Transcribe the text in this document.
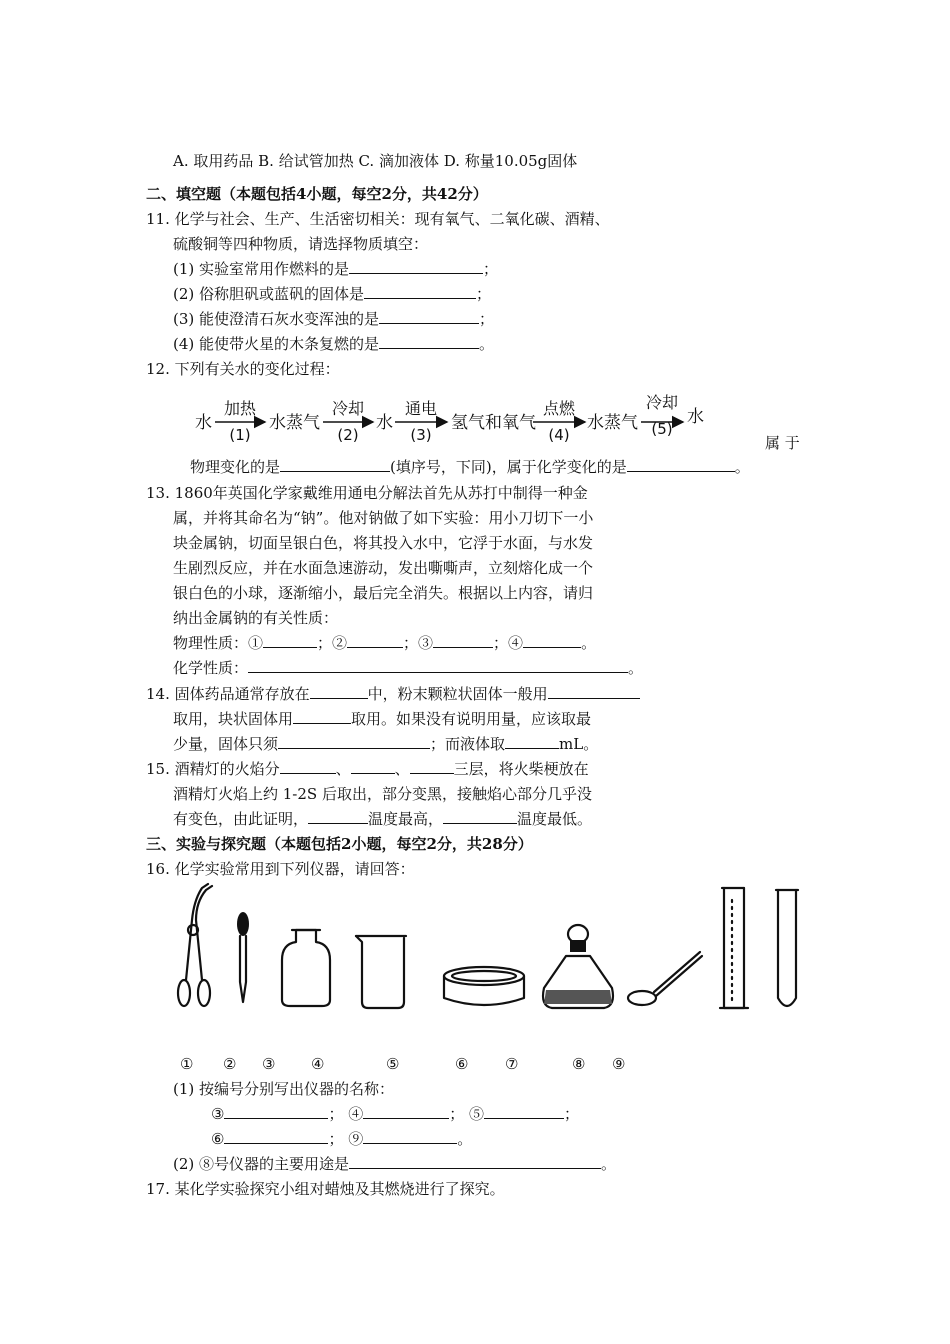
A. 取用药品 B. 给试管加热 C. 滴加液体 D. 称量10.05g固体
二、填空题（本题包括4小题，每空2分，共42分）
11. 化学与社会、生产、生活密切相关：现有氧气、二氧化碳、酒精、
硫酸铜等四种物质，请选择物质填空：
(1) 实验室常用作燃料的是	；
(2) 俗称胆矾或蓝矾的固体是	；
(3) 能使澄清石灰水变浑浊的是	；
(4) 能使带火星的木条复燃的是	。
12. 下列有关水的变化过程：
水
加热
(1)
水蒸气
冷却
(2)
水
通电
(3)
氢气和氧气
点燃
(4)
水蒸气
冷却
(5)
水
属 于
物理变化的是	(填序号，下同)，属于化学变化的是	。
13. 1860年英国化学家戴维用通电分解法首先从苏打中制得一种金
属，并将其命名为“钠”。他对钠做了如下实验：用小刀切下一小
块金属钠，切面呈银白色，将其投入水中，它浮于水面，与水发
生剧烈反应，并在水面急速游动，发出嘶嘶声，立刻熔化成一个
银白色的小球，逐渐缩小，最后完全消失。根据以上内容，请归
纳出金属钠的有关性质：
物理性质：①	；②	；③	；④	。
化学性质：	。
14. 固体药品通常存放在	中，粉末颗粒状固体一般用
取用，块状固体用	取用。如果没有说明用量，应该取最
少量，固体只须	；而液体取	mL。
15. 酒精灯的火焰分	、	、	三层，将火柴梗放在
酒精灯火焰上约 1-2S 后取出，部分变黑，接触焰心部分几乎没
有变色，由此证明，	温度最高，	温度最低。
三、实验与探究题（本题包括2小题，每空2分，共28分）
16. 化学实验常用到下列仪器，请回答：
① ② ③ ④	⑤	⑥ ⑦	⑧ ⑨
(1) 按编号分别写出仪器的名称：
③	； ④	； ⑤	；
⑥	； ⑨	。
(2) ⑧号仪器的主要用途是	。
17. 某化学实验探究小组对蜡烛及其燃烧进行了探究。
